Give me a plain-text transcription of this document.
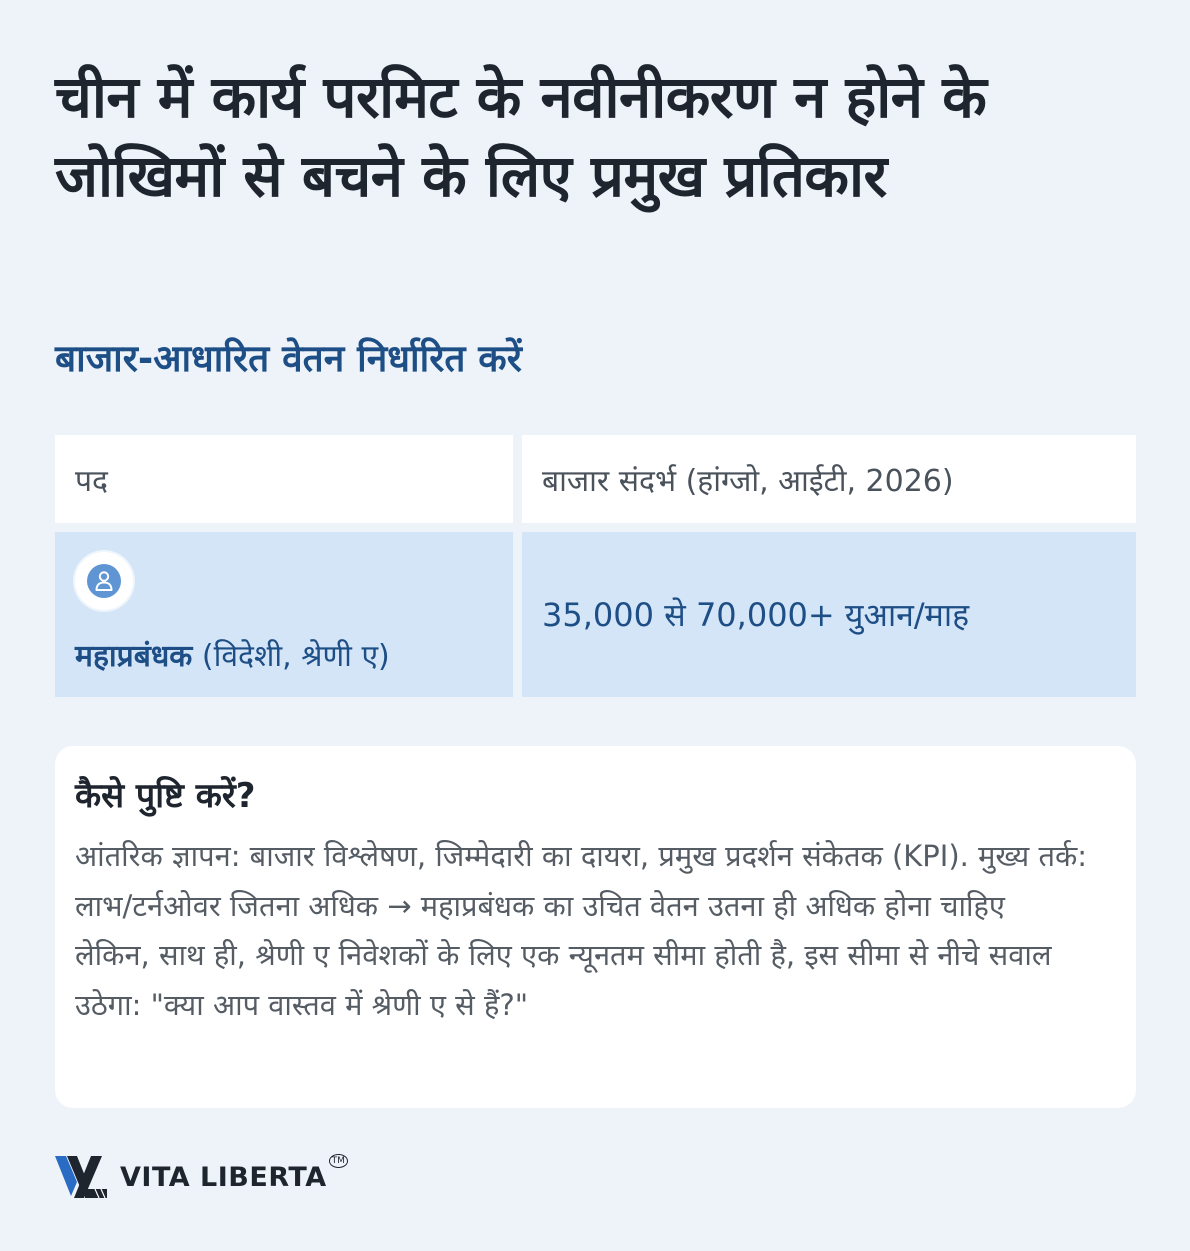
चीन में कार्य परमिट के नवीनीकरण न होने के जोखिमों से बचने के लिए प्रमुख प्रतिकार
बाजार-आधारित वेतन निर्धारित करें
पद	बाजार संदर्भ (हांग्जो, आईटी, 2026)
महाप्रबंधक (विदेशी, श्रेणी ए)
35,000 से 70,000+ युआन/माह
कैसे पुष्टि करें?

आंतरिक ज्ञापन: बाजार विश्लेषण, जिम्मेदारी का दायरा, प्रमुख प्रदर्शन संकेतक (KPI). मुख्य तर्क: लाभ/टर्नओवर जितना अधिक → महाप्रबंधक का उचित वेतन उतना ही अधिक होना चाहिएलेकिन, साथ ही, श्रेणी ए निवेशकों के लिए एक न्यूनतम सीमा होती है, इस सीमा से नीचे सवाल उठेगा: "क्या आप वास्तव में श्रेणी ए से हैं?"

VITA LIBERTA
TM
